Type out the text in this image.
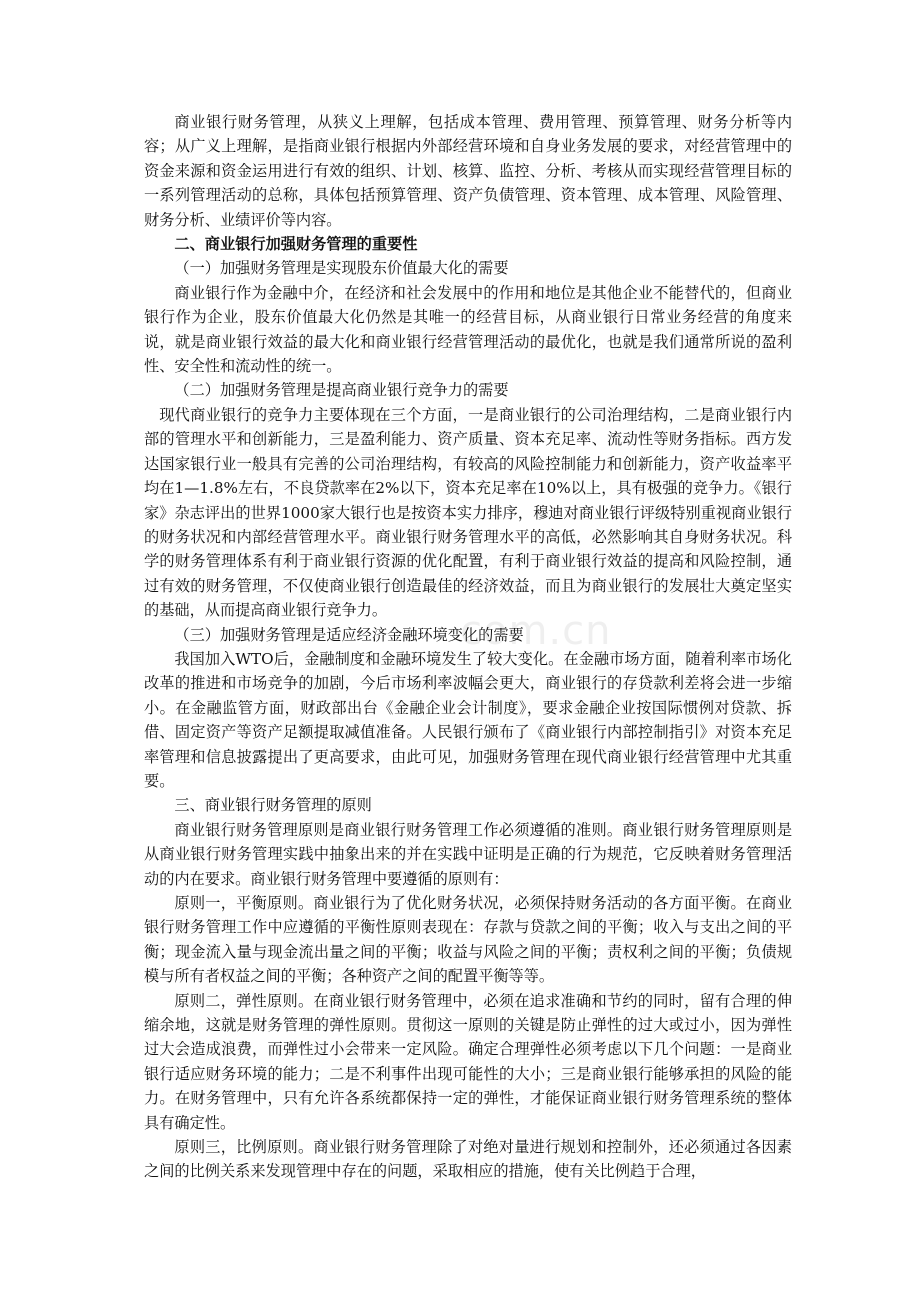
com.cn

商业银行财务管理，从狭义上理解，包括成本管理、费用管理、预算管理、财务分析等内容；从广义上理解，是指商业银行根据内外部经营环境和自身业务发展的要求，对经营管理中的资金来源和资金运用进行有效的组织、计划、核算、监控、分析、考核从而实现经营管理目标的一系列管理活动的总称，具体包括预算管理、资产负债管理、资本管理、成本管理、风险管理、财务分析、业绩评价等内容。

二、商业银行加强财务管理的重要性

（一）加强财务管理是实现股东价值最大化的需要

商业银行作为金融中介，在经济和社会发展中的作用和地位是其他企业不能替代的，但商业银行作为企业，股东价值最大化仍然是其唯一的经营目标，从商业银行日常业务经营的角度来说，就是商业银行效益的最大化和商业银行经营管理活动的最优化，也就是我们通常所说的盈利性、安全性和流动性的统一。

（二）加强财务管理是提高商业银行竞争力的需要

现代商业银行的竞争力主要体现在三个方面，一是商业银行的公司治理结构，二是商业银行内部的管理水平和创新能力，三是盈利能力、资产质量、资本充足率、流动性等财务指标。西方发达国家银行业一般具有完善的公司治理结构，有较高的风险控制能力和创新能力，资产收益率平均在1—1.8%左右，不良贷款率在2%以下，资本充足率在10%以上，具有极强的竞争力。《银行家》杂志评出的世界1000家大银行也是按资本实力排序，穆迪对商业银行评级特别重视商业银行的财务状况和内部经营管理水平。商业银行财务管理水平的高低，必然影响其自身财务状况。科学的财务管理体系有利于商业银行资源的优化配置，有利于商业银行效益的提高和风险控制，通过有效的财务管理，不仅使商业银行创造最佳的经济效益，而且为商业银行的发展壮大奠定坚实的基础，从而提高商业银行竞争力。

（三）加强财务管理是适应经济金融环境变化的需要

我国加入WTO后，金融制度和金融环境发生了较大变化。在金融市场方面，随着利率市场化改革的推进和市场竞争的加剧，今后市场利率波幅会更大，商业银行的存贷款利差将会进一步缩小。在金融监管方面，财政部出台《金融企业会计制度》，要求金融企业按国际惯例对贷款、拆借、固定资产等资产足额提取减值准备。人民银行颁布了《商业银行内部控制指引》对资本充足率管理和信息披露提出了更高要求，由此可见，加强财务管理在现代商业银行经营管理中尤其重要。

三、商业银行财务管理的原则

商业银行财务管理原则是商业银行财务管理工作必须遵循的准则。商业银行财务管理原则是从商业银行财务管理实践中抽象出来的并在实践中证明是正确的行为规范，它反映着财务管理活动的内在要求。商业银行财务管理中要遵循的原则有：

原则一，平衡原则。商业银行为了优化财务状况，必须保持财务活动的各方面平衡。在商业银行财务管理工作中应遵循的平衡性原则表现在：存款与贷款之间的平衡；收入与支出之间的平衡；现金流入量与现金流出量之间的平衡；收益与风险之间的平衡；责权利之间的平衡；负债规模与所有者权益之间的平衡；各种资产之间的配置平衡等等。

原则二，弹性原则。在商业银行财务管理中，必须在追求准确和节约的同时，留有合理的伸缩余地，这就是财务管理的弹性原则。贯彻这一原则的关键是防止弹性的过大或过小，因为弹性过大会造成浪费，而弹性过小会带来一定风险。确定合理弹性必须考虑以下几个问题：一是商业银行适应财务环境的能力；二是不利事件出现可能性的大小；三是商业银行能够承担的风险的能力。在财务管理中，只有允许各系统都保持一定的弹性，才能保证商业银行财务管理系统的整体具有确定性。

原则三，比例原则。商业银行财务管理除了对绝对量进行规划和控制外，还必须通过各因素之间的比例关系来发现管理中存在的问题，采取相应的措施，使有关比例趋于合理，
